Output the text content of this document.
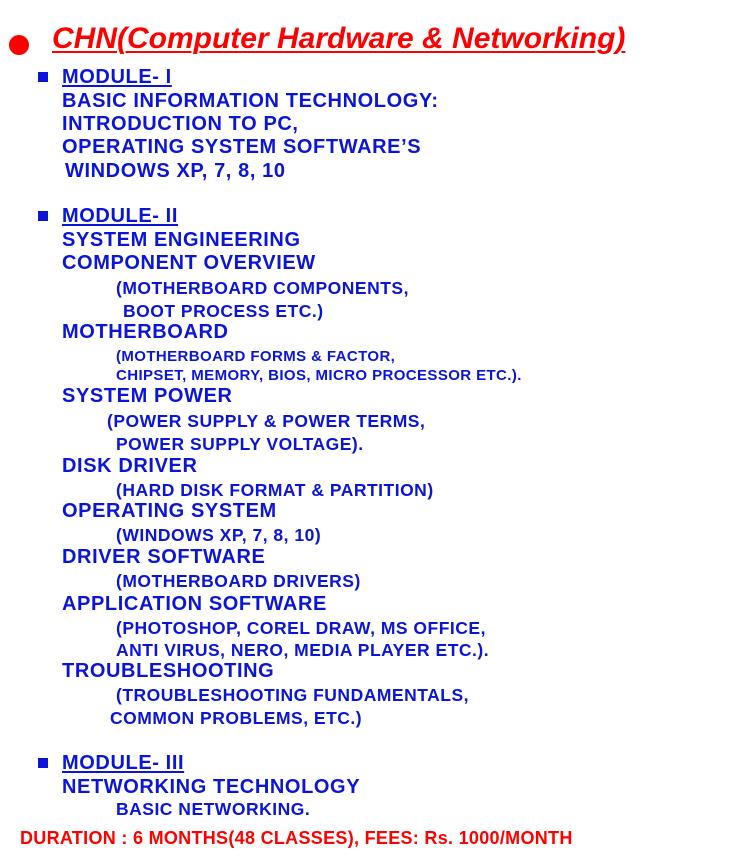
CHN(Computer Hardware & Networking)
MODULE- I
BASIC INFORMATION TECHNOLOGY:
INTRODUCTION TO PC,
OPERATING SYSTEM SOFTWARE’S
WINDOWS XP, 7, 8, 10
MODULE- II
SYSTEM ENGINEERING
COMPONENT OVERVIEW
(MOTHERBOARD COMPONENTS,
BOOT PROCESS ETC.)
MOTHERBOARD
(MOTHERBOARD FORMS & FACTOR,
CHIPSET, MEMORY, BIOS, MICRO PROCESSOR ETC.).
SYSTEM POWER
(POWER SUPPLY & POWER TERMS,
POWER SUPPLY VOLTAGE).
DISK DRIVER
(HARD DISK FORMAT & PARTITION)
OPERATING SYSTEM
(WINDOWS XP, 7, 8, 10)
DRIVER SOFTWARE
(MOTHERBOARD DRIVERS)
APPLICATION SOFTWARE
(PHOTOSHOP, COREL DRAW, MS OFFICE,
ANTI VIRUS, NERO, MEDIA PLAYER ETC.).
TROUBLESHOOTING
(TROUBLESHOOTING FUNDAMENTALS,
COMMON PROBLEMS, ETC.)
MODULE- III
NETWORKING TECHNOLOGY
BASIC NETWORKING.
DURATION : 6 MONTHS(48 CLASSES), FEES: Rs. 1000/MONTH
